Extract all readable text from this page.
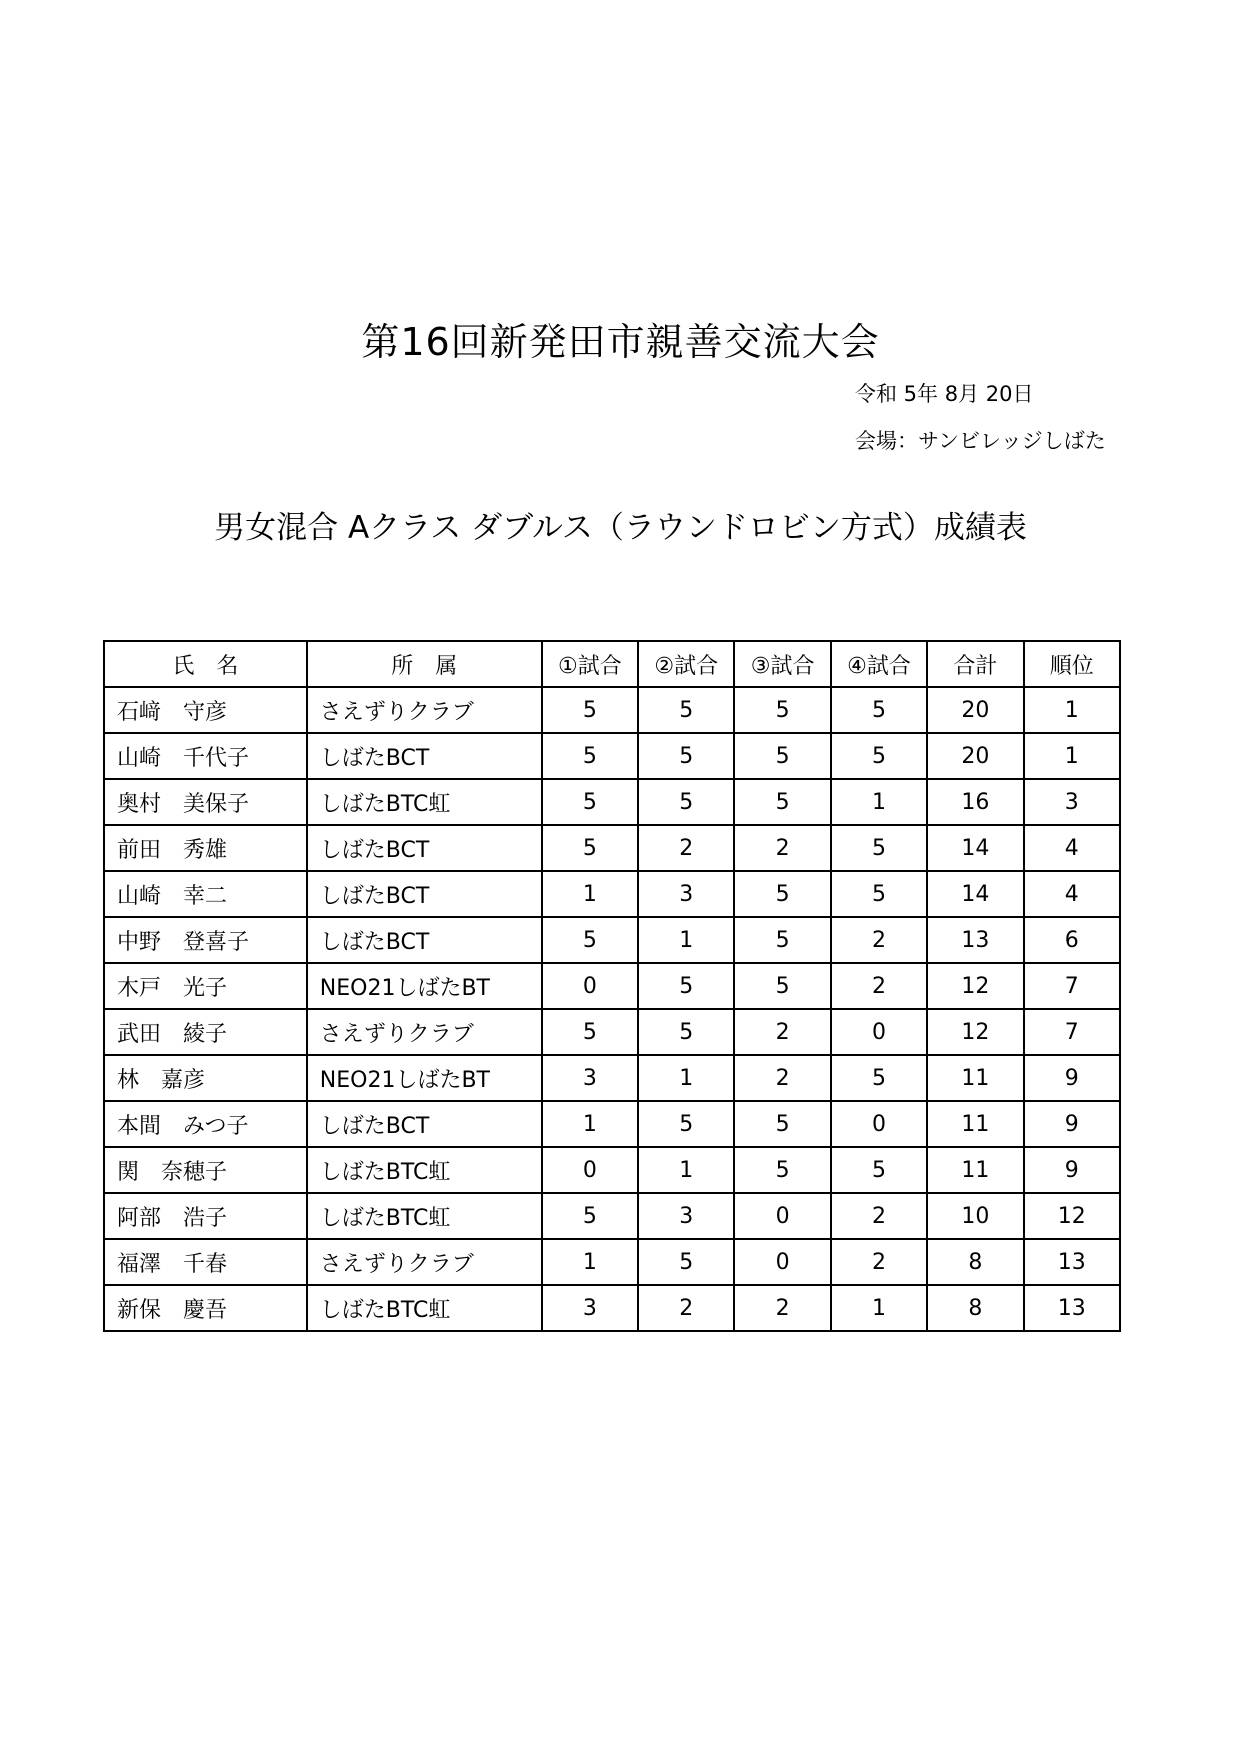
第16回新発田市親善交流大会
令和 5年 8月 20日
会場：サンビレッジしばた
男女混合 Aクラス ダブルス（ラウンドロビン方式）成績表
氏　名	所　属	①試合	②試合	③試合	④試合	合計	順位
石﨑　守彦	さえずりクラブ	5	5	5	5	20	1
山崎　千代子	しばたBCT	5	5	5	5	20	1
奥村　美保子	しばたBTC虹	5	5	5	1	16	3
前田　秀雄	しばたBCT	5	2	2	5	14	4
山崎　幸二	しばたBCT	1	3	5	5	14	4
中野　登喜子	しばたBCT	5	1	5	2	13	6
木戸　光子	NEO21しばたBT	0	5	5	2	12	7
武田　綾子	さえずりクラブ	5	5	2	0	12	7
林　嘉彦	NEO21しばたBT	3	1	2	5	11	9
本間　みつ子	しばたBCT	1	5	5	0	11	9
関　奈穂子	しばたBTC虹	0	1	5	5	11	9
阿部　浩子	しばたBTC虹	5	3	0	2	10	12
福澤　千春	さえずりクラブ	1	5	0	2	8	13
新保　慶吾	しばたBTC虹	3	2	2	1	8	13
